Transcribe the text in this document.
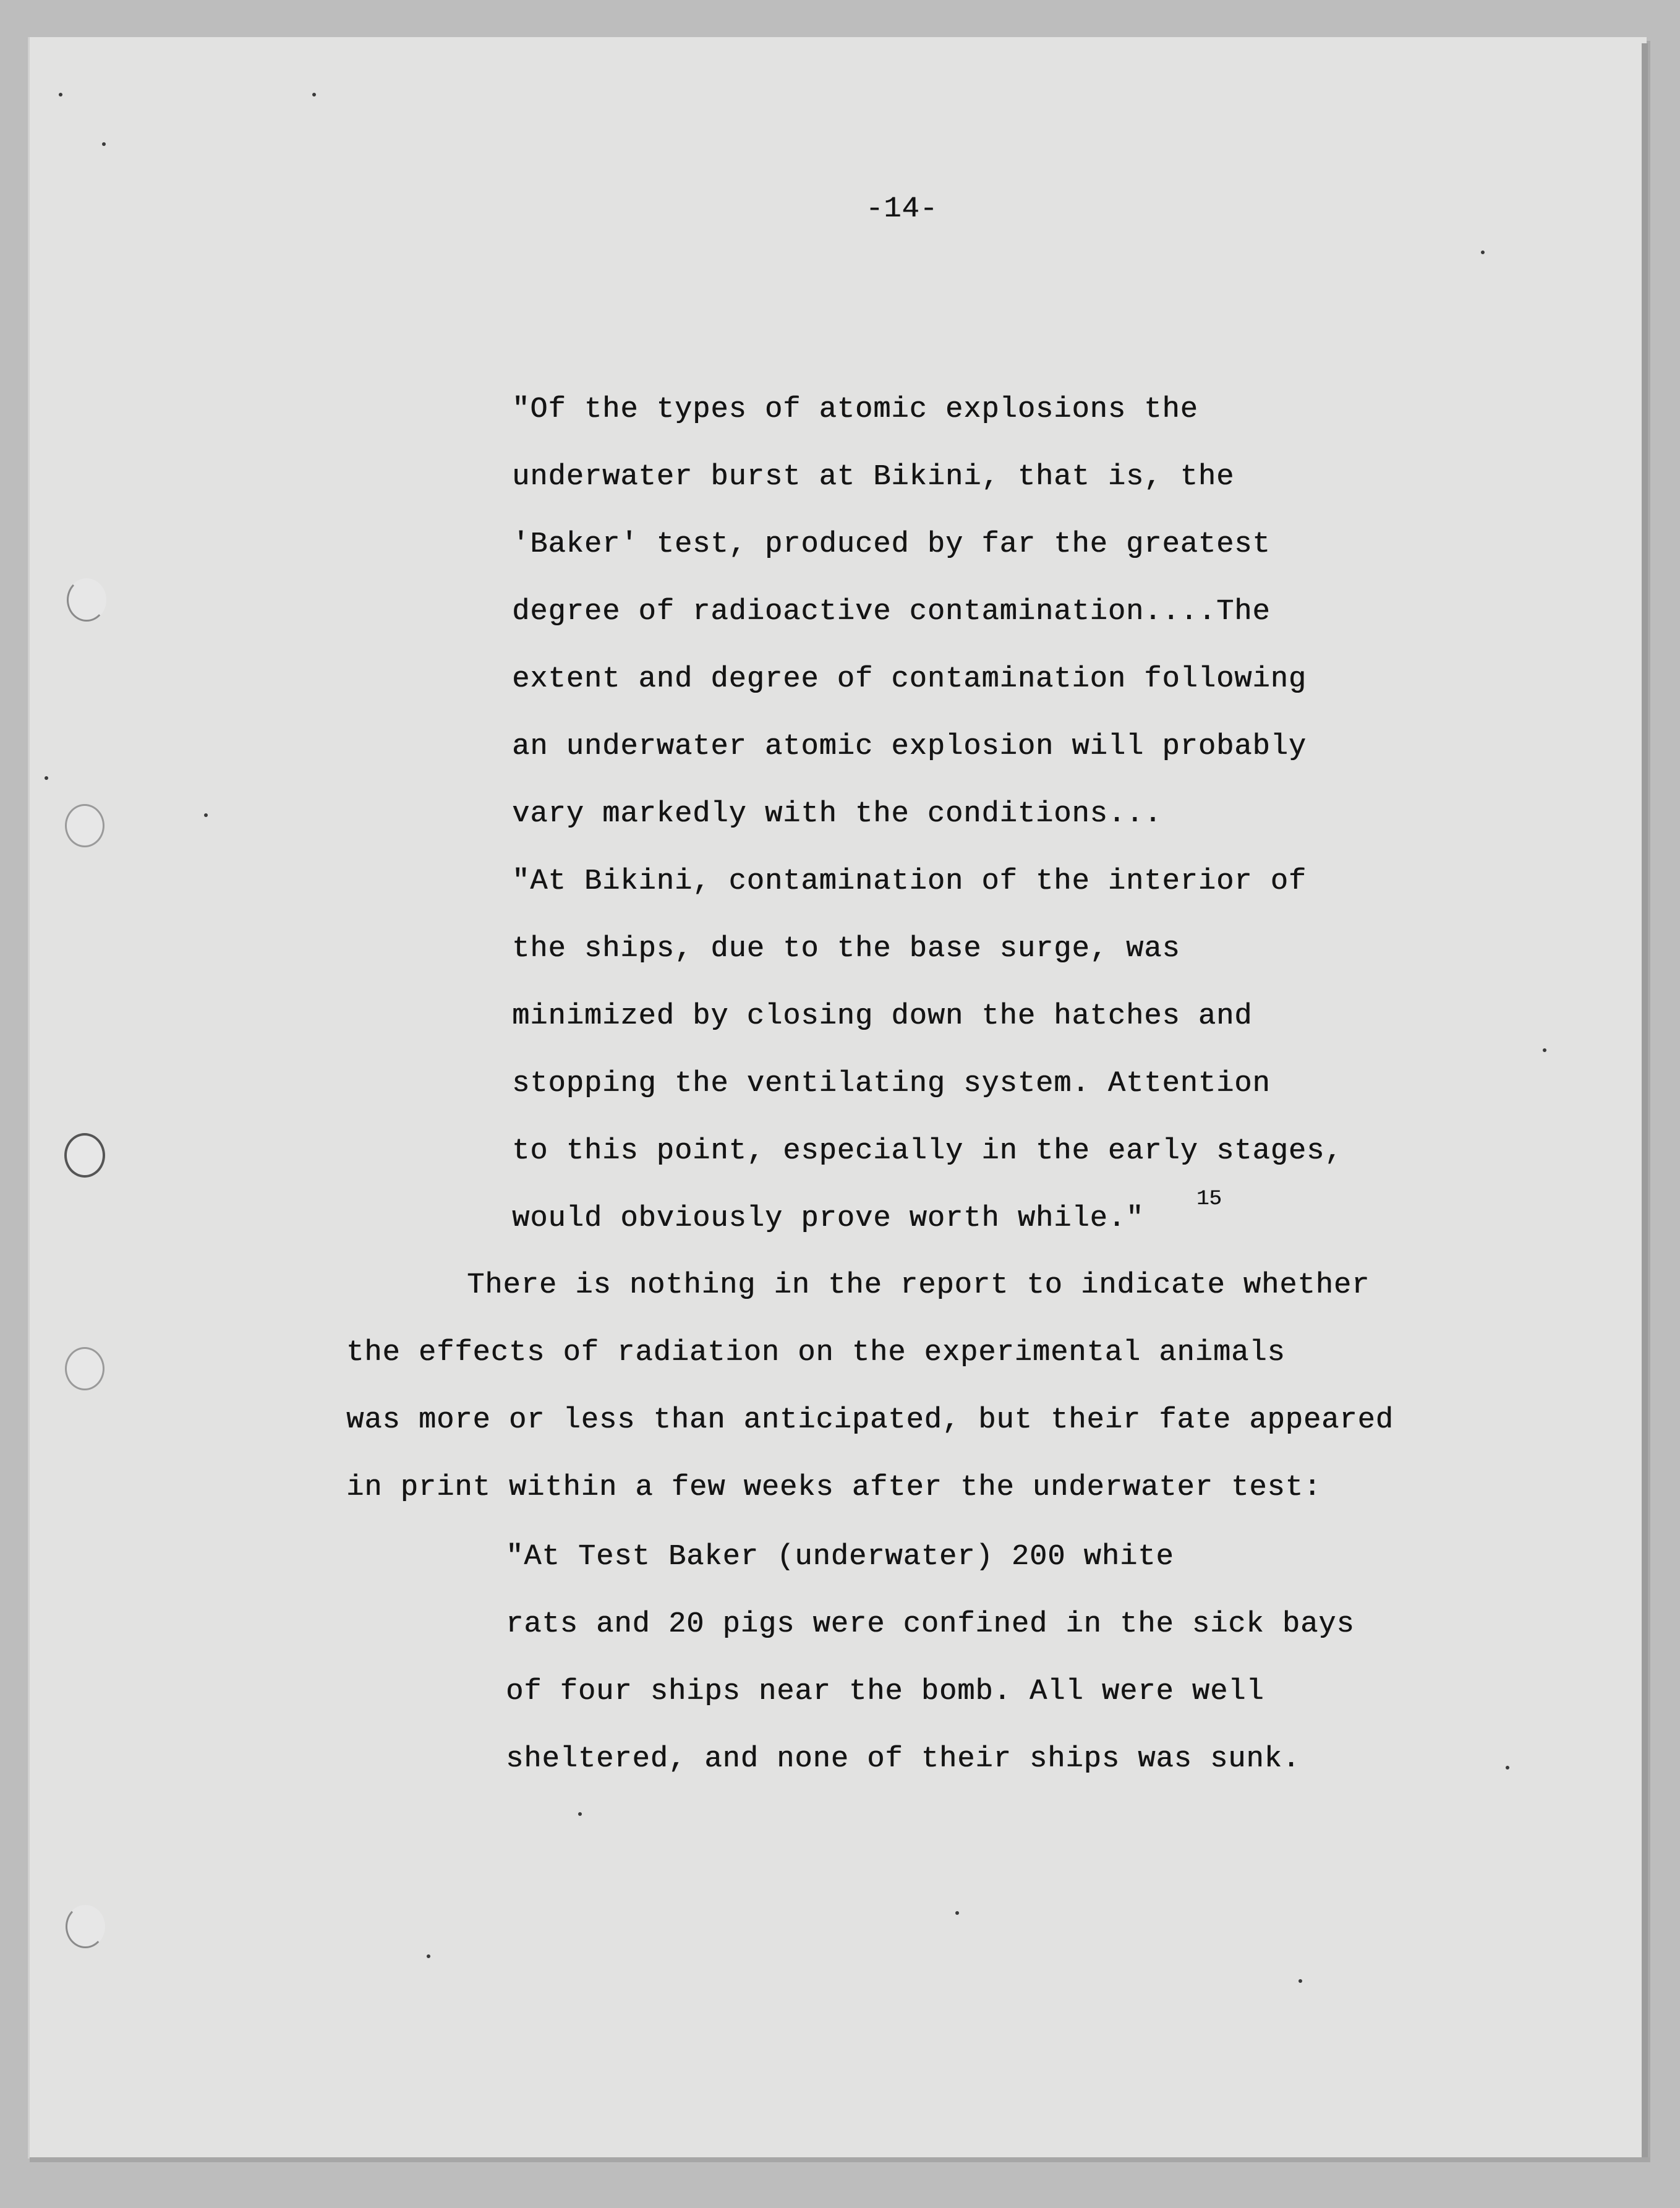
-14-
"Of the types of atomic explosions the
underwater burst at Bikini, that is, the
'Baker' test, produced by far the greatest
degree of radioactive contamination....The
extent and degree of contamination following
an underwater atomic explosion will probably
vary markedly with the conditions...
"At Bikini, contamination of the interior of
the ships, due to the base surge, was
minimized by closing down the hatches and
stopping the ventilating system. Attention
to this point, especially in the early stages,
would obviously prove worth while."
15
There is nothing in the report to indicate whether
the effects of radiation on the experimental animals
was more or less than anticipated, but their fate appeared
in print within a few weeks after the underwater test:
"At Test Baker (underwater) 200 white
rats and 20 pigs were confined in the sick bays
of four ships near the bomb. All were well
sheltered, and none of their ships was sunk.
